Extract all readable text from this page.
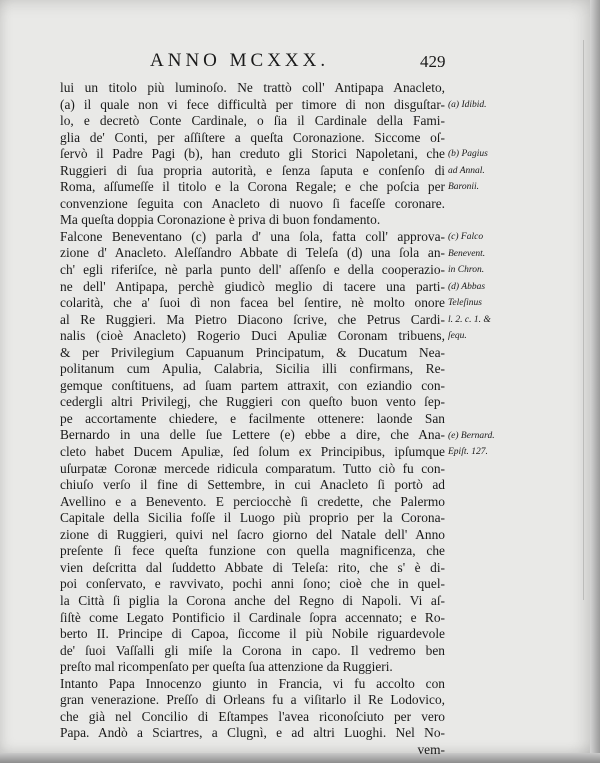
ANNO MCXXX.	429
lui un titolo più luminoſo. Ne trattò coll' Antipapa Anacleto,
(a) il quale non vi fece difficultà per timore di non disguſtar-
lo, e decretò Conte Cardinale, o ſia il Cardinale della Fami-
glia de' Conti, per aſſiſtere a queſta Coronazione. Siccome oſ-
ſervò il Padre Pagi (b), han creduto gli Storici Napoletani, che
Ruggieri di ſua propria autorità, e ſenza ſaputa e conſenſo di
Roma, aſſumeſſe il titolo e la Corona Regale; e che poſcia per
convenzione ſeguita con Anacleto di nuovo ſi faceſſe coronare.
Ma queſta doppia Coronazione è priva di buon fondamento.
Falcone Beneventano (c) parla d' una ſola, fatta coll' approva-
zione d' Anacleto. Aleſſandro Abbate di Teleſa (d) una ſola an-
ch' egli riferiſce, nè parla punto dell' aſſenſo e della cooperazio-
ne dell' Antipapa, perchè giudicò meglio di tacere una parti-
colarità, che a' ſuoi dì non facea bel ſentire, nè molto onore
al Re Ruggieri. Ma Pietro Diacono ſcrive, che Petrus Cardi-
nalis (cioè Anacleto) Rogerio Duci Apuliæ Coronam tribuens,
& per Privilegium Capuanum Principatum, & Ducatum Nea-
politanum cum Apulia, Calabria, Sicilia illi confirmans, Re-
gemque conſtituens, ad ſuam partem attraxit, con eziandio con-
cedergli altri Privilegj, che Ruggieri con queſto buon vento ſep-
pe accortamente chiedere, e facilmente ottenere: laonde San
Bernardo in una delle ſue Lettere (e) ebbe a dire, che Ana-
cleto habet Ducem Apuliæ, ſed ſolum ex Principibus, ipſumque
uſurpatæ Coronæ mercede ridicula comparatum. Tutto ciò fu con-
chiuſo verſo il fine di Settembre, in cui Anacleto ſi portò ad
Avellino e a Benevento. E perciocchè ſi credette, che Palermo
Capitale della Sicilia foſſe il Luogo più proprio per la Corona-
zione di Ruggieri, quivi nel ſacro giorno del Natale dell' Anno
preſente ſi fece queſta funzione con quella magnificenza, che
vien deſcritta dal ſuddetto Abbate di Teleſa: rito, che s' è di-
poi conſervato, e ravvivato, pochi anni ſono; cioè che in quel-
la Città ſi piglia la Corona anche del Regno di Napoli. Vi aſ-
ſiſtè come Legato Pontificio il Cardinale ſopra accennato; e Ro-
berto II. Principe di Capoa, ſiccome il più Nobile riguardevole
de' ſuoi Vaſſalli gli miſe la Corona in capo. Il vedremo ben
preſto mal ricompenſato per queſta ſua attenzione da Ruggieri.
Intanto Papa Innocenzo giunto in Francia, vi fu accolto con
gran venerazione. Preſſo di Orleans fu a viſitarlo il Re Lodovico,
che già nel Concilio di Eſtampes l'avea riconoſciuto per vero
Papa. Andò a Sciartres, a Clugnì, e ad altri Luoghi. Nel No-
vem-
(a) Idibid.
(b) Pagius
ad Annal.
Baronii.
(c) Falco
Benevent.
in Chron.
(d) Abbas
Teleſinus
l. 2. c. 1. &
ſequ.
(e) Bernard.
Epiſt. 127.
